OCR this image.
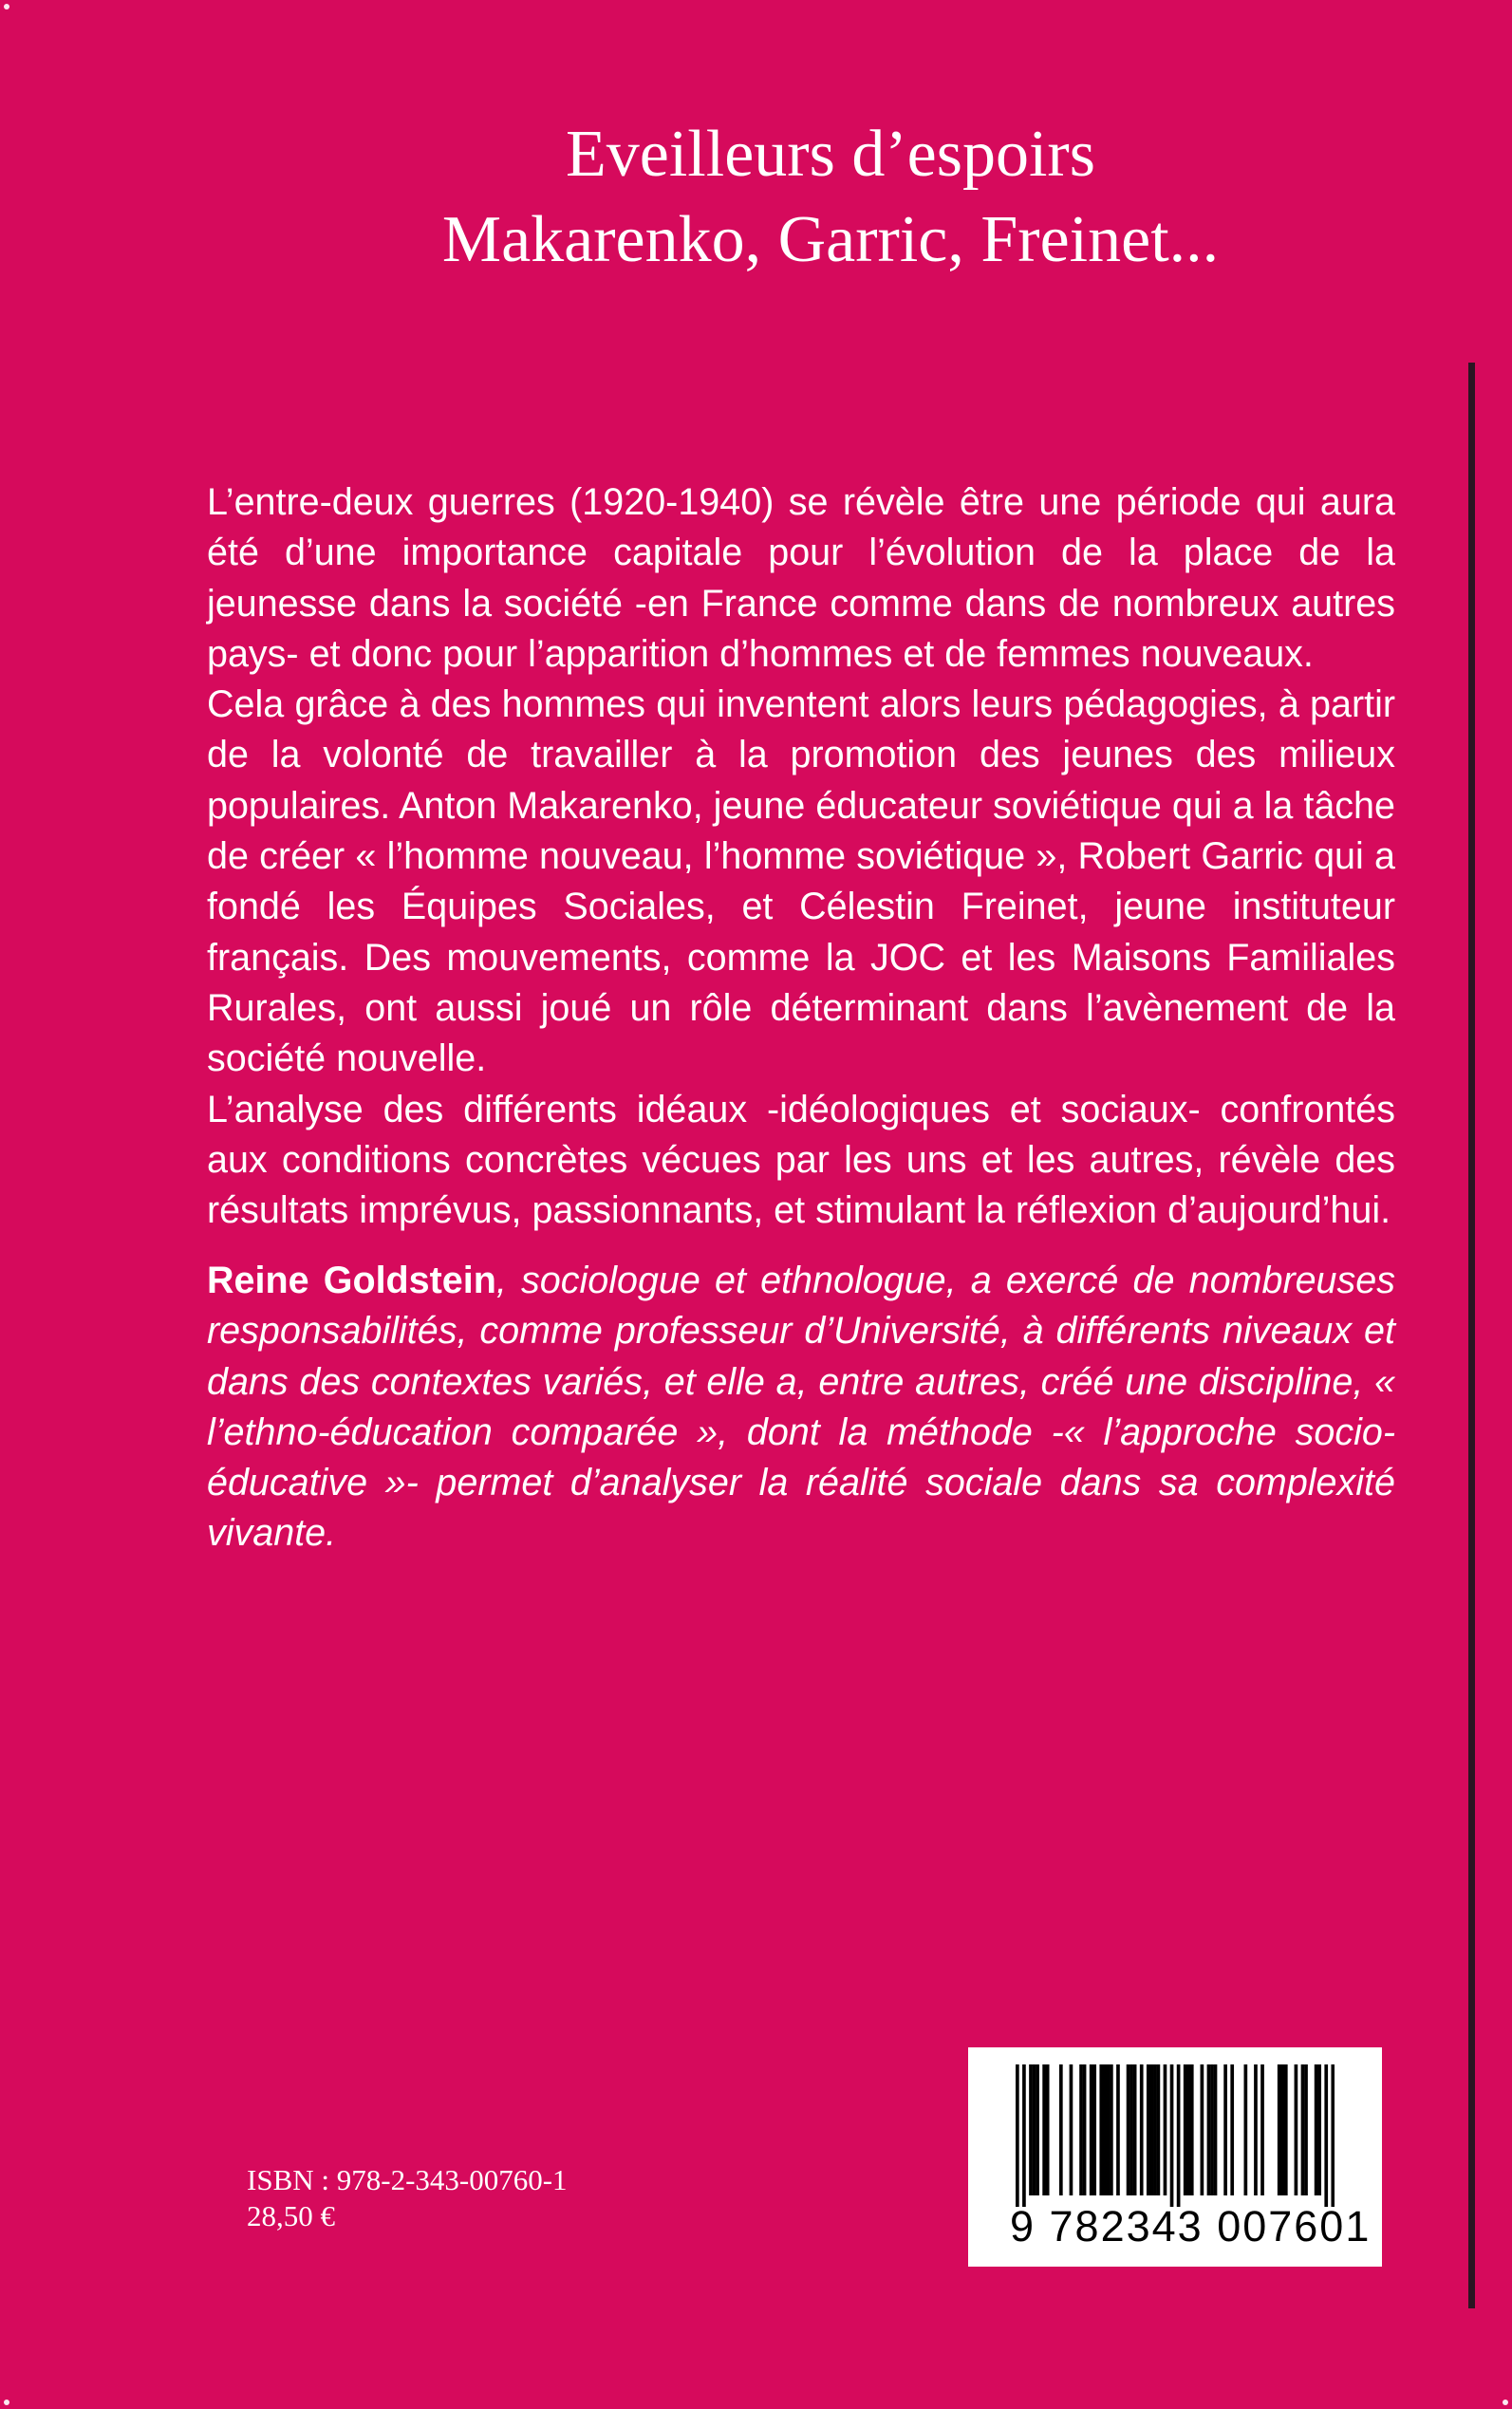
Eveilleurs d’espoirs
Makarenko, Garric, Freinet...

L’entre-deux guerres (1920-1940) se révèle être une période qui aura été d’une importance capitale pour l’évolution de la place de la jeunesse dans la société -en France comme dans de nombreux autres pays- et donc pour l’apparition d’hommes et de femmes nouveaux.

Cela grâce à des hommes qui inventent alors leurs pédagogies, à partir de la volonté de travailler à la promotion des jeunes des milieux populaires. Anton Makarenko, jeune éducateur soviétique qui a la tâche de créer « l’homme nouveau, l’homme soviétique », Robert Garric qui a fondé les Équipes Sociales, et Célestin Freinet, jeune instituteur français. Des mouvements, comme la JOC et les Maisons Familiales Rurales, ont aussi joué un rôle déterminant dans l’avènement de la société nouvelle.

L’analyse des différents idéaux -idéologiques et sociaux- confrontés aux conditions concrètes vécues par les uns et les autres, révèle des résultats imprévus, passionnants, et stimulant la réflexion d’aujourd’hui.

Reine Goldstein, sociologue et ethnologue, a exercé de nombreuses responsabilités, comme professeur d’Université, à différents niveaux et dans des contextes variés, et elle a, entre autres, créé une discipline, « l’ethno-éducation comparée », dont la méthode -« l’approche socio-éducative »- permet d’analyser la réalité sociale dans sa complexité vivante.
ISBN : 978-2-343-00760-1
28,50 €	9 782343 007601
